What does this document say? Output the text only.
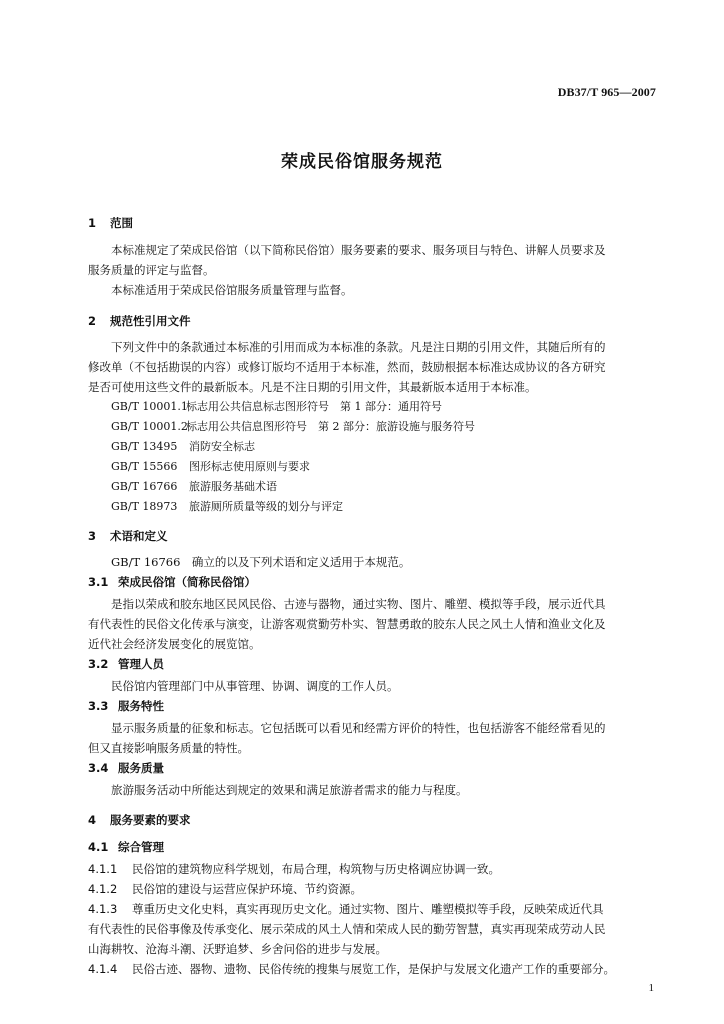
DB37/T 965—2007
荣成民俗馆服务规范
1 范围
本标准规定了荣成民俗馆（以下简称民俗馆）服务要素的要求、服务项目与特色、讲解人员要求及
服务质量的评定与监督。
本标准适用于荣成民俗馆服务质量管理与监督。
2 规范性引用文件
下列文件中的条款通过本标准的引用而成为本标准的条款。凡是注日期的引用文件，其随后所有的
修改单（不包括勘误的内容）或修订版均不适用于本标准，然而，鼓励根据本标准达成协议的各方研究
是否可使用这些文件的最新版本。凡是不注日期的引用文件，其最新版本适用于本标准。
GB/T 10001.1标志用公共信息标志图形符号　第 1 部分：通用符号
GB/T 10001.2标志用公共信息图形符号　第 2 部分：旅游设施与服务符号
GB/T 13495 消防安全标志
GB/T 15566 图形标志使用原则与要求
GB/T 16766 旅游服务基础术语
GB/T 18973 旅游厕所质量等级的划分与评定
3 术语和定义
GB/T 16766　确立的以及下列术语和定义适用于本规范。
3.1 荣成民俗馆（简称民俗馆）
是指以荣成和胶东地区民风民俗、古迹与器物，通过实物、图片、雕塑、模拟等手段，展示近代具
有代表性的民俗文化传承与演变，让游客观赏勤劳朴实、智慧勇敢的胶东人民之风土人情和渔业文化及
近代社会经济发展变化的展览馆。
3.2 管理人员
民俗馆内管理部门中从事管理、协调、调度的工作人员。
3.3 服务特性
显示服务质量的征象和标志。它包括既可以看见和经需方评价的特性，也包括游客不能经常看见的
但又直接影响服务质量的特性。
3.4 服务质量
旅游服务活动中所能达到规定的效果和满足旅游者需求的能力与程度。
4 服务要素的要求
4.1 综合管理
4.1.1 民俗馆的建筑物应科学规划，布局合理，构筑物与历史格调应协调一致。
4.1.2 民俗馆的建设与运营应保护环境、节约资源。
4.1.3 尊重历史文化史料，真实再现历史文化。通过实物、图片、雕塑模拟等手段，反映荣成近代具
有代表性的民俗事像及传承变化、展示荣成的风土人情和荣成人民的勤劳智慧，真实再现荣成劳动人民
山海耕牧、沧海斗潮、沃野追梦、乡舍问俗的进步与发展。
4.1.4 民俗古迹、器物、遗物、民俗传统的搜集与展览工作，是保护与发展文化遗产工作的重要部分。
1
